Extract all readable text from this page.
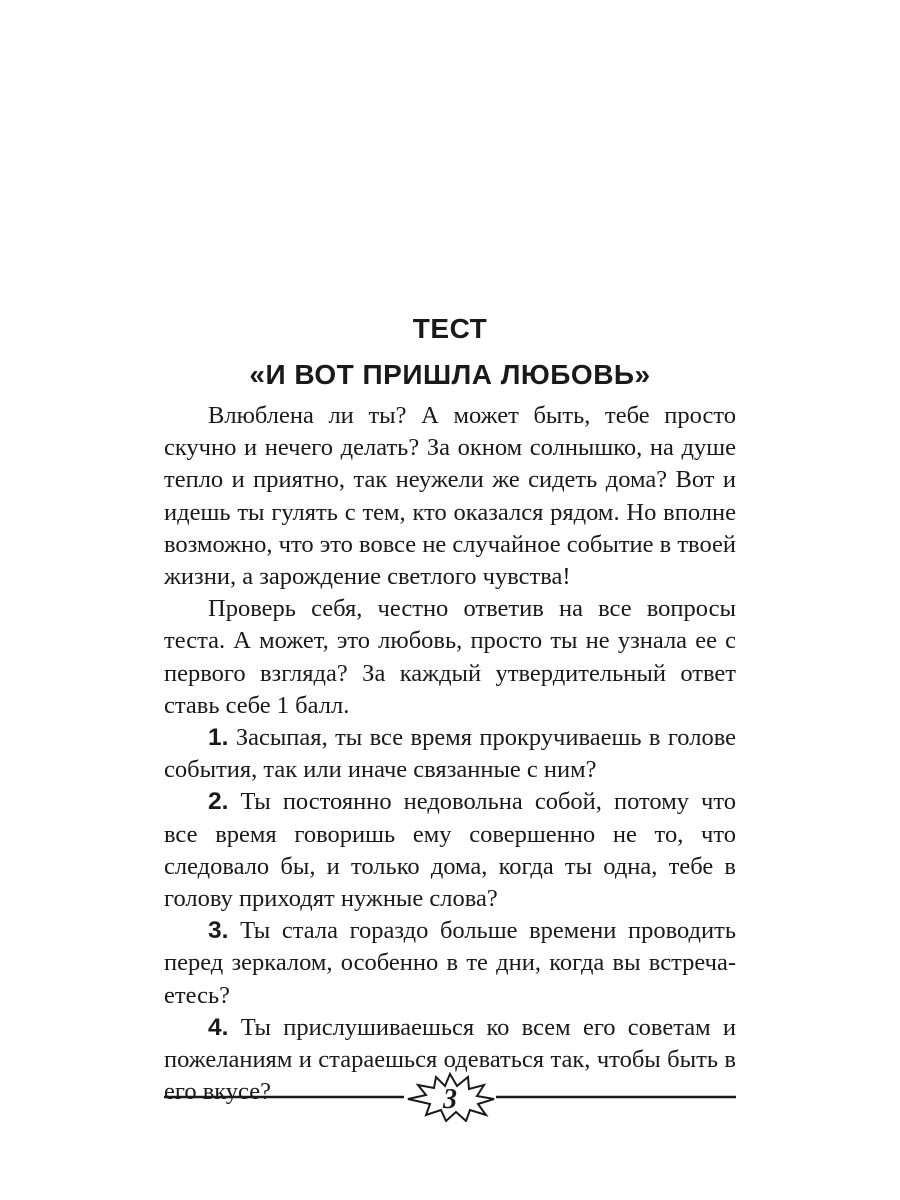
ТЕСТ
«И ВОТ ПРИШЛА ЛЮБОВЬ»

Влюблена ли ты? А может быть, тебе просто скучно и нечего делать? За окном солнышко, на душе тепло и приятно, так неужели же сидеть дома? Вот и идешь ты гулять с тем, кто оказался рядом. Но вполне возможно, что это вовсе не случайное событие в твоей жизни, а зарождение светлого чувства!

Проверь себя, честно ответив на все вопросы теста. А может, это любовь, просто ты не узнала ее с первого взгляда? За каждый утвердительный ответ ставь себе 1 балл.

1. Засыпая, ты все время прокручиваешь в голове события, так или иначе связанные с ним?

2. Ты постоянно недовольна собой, потому что все время говоришь ему совершенно не то, что следовало бы, и только дома, когда ты одна, тебе в голову приходят нужные слова?

3. Ты стала гораздо больше времени проводить перед зеркалом, особенно в те дни, когда вы встречаетесь?

4. Ты прислушиваешься ко всем его советам и пожеланиям и стараешься одеваться так, чтобы быть в его вкусе?	3
